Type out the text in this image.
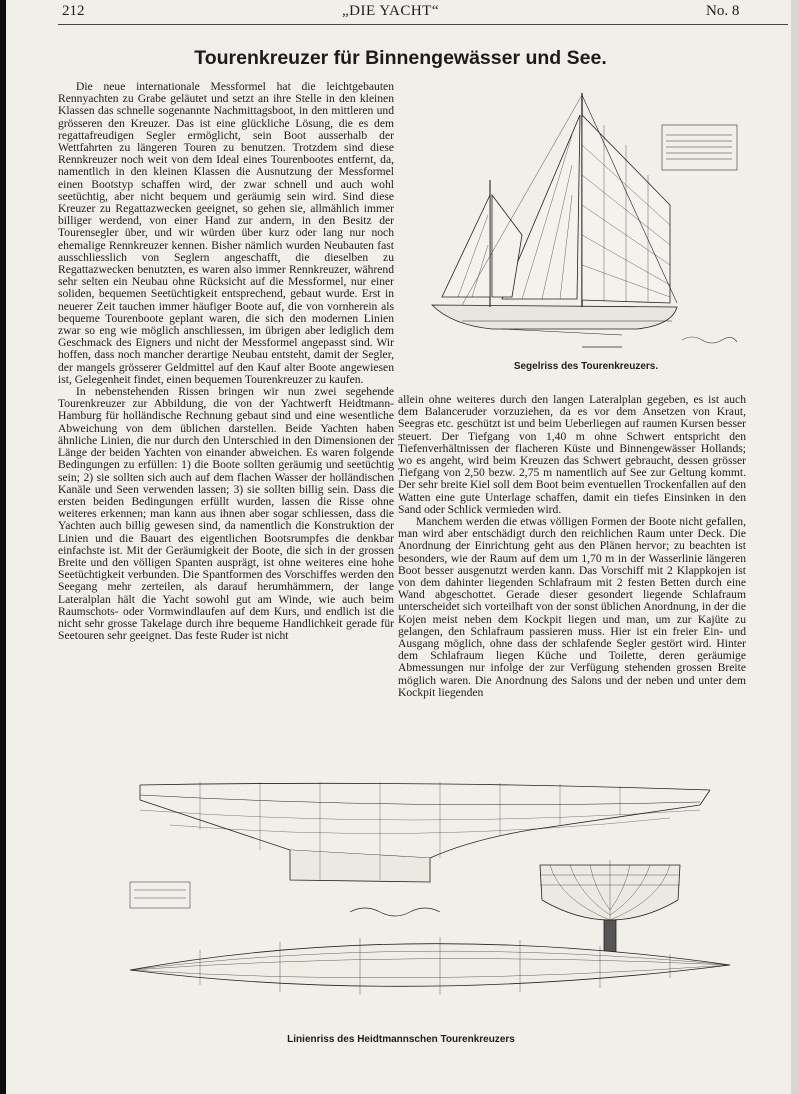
212	„DIE YACHT“	No. 8
Tourenkreuzer für Binnengewässer und See.

Die neue internationale Messformel hat die leichtgebauten Rennyachten zu Grabe geläutet und setzt an ihre Stelle in den kleinen Klassen das schnelle sogenannte Nachmittagsboot, in den mittleren und grösseren den Kreuzer. Das ist eine glückliche Lösung, die es dem regattafreudigen Segler ermöglicht, sein Boot ausserhalb der Wettfahrten zu längeren Touren zu benutzen. Trotzdem sind diese Rennkreuzer noch weit von dem Ideal eines Tourenbootes entfernt, da, namentlich in den kleinen Klassen die Ausnutzung der Messformel einen Bootstyp schaffen wird, der zwar schnell und auch wohl seetüchtig, aber nicht bequem und geräumig sein wird. Sind diese Kreuzer zu Regattazwecken geeignet, so gehen sie, allmählich immer billiger werdend, von einer Hand zur andern, in den Besitz der Tourensegler über, und wir würden über kurz oder lang nur noch ehemalige Rennkreuzer kennen. Bisher nämlich wurden Neubauten fast ausschliesslich von Seglern angeschafft, die dieselben zu Regattazwecken benutzten, es waren also immer Rennkreuzer, während sehr selten ein Neubau ohne Rücksicht auf die Messformel, nur einer soliden, bequemen Seetüchtigkeit entsprechend, gebaut wurde. Erst in neuerer Zeit tauchen immer häufiger Boote auf, die von vornherein als bequeme Tourenboote geplant waren, die sich den modernen Linien zwar so eng wie möglich anschliessen, im übrigen aber lediglich dem Geschmack des Eigners und nicht der Messformel angepasst sind. Wir hoffen, dass noch mancher derartige Neubau entsteht, damit der Segler, der mangels grösserer Geldmittel auf den Kauf alter Boote angewiesen ist, Gelegenheit findet, einen bequemen Tourenkreuzer zu kaufen.

In nebenstehenden Rissen bringen wir nun zwei segehende Tourenkreuzer zur Abbildung, die von der Yachtwerft Heidtmann-Hamburg für holländische Rechnung gebaut sind und eine wesentliche Abweichung von dem üblichen darstellen. Beide Yachten haben ähnliche Linien, die nur durch den Unterschied in den Dimensionen der Länge der beiden Yachten von einander abweichen. Es waren folgende Bedingungen zu erfüllen: 1) die Boote sollten geräumig und seetüchtig sein; 2) sie sollten sich auch auf dem flachen Wasser der holländischen Kanäle und Seen verwenden lassen; 3) sie sollten billig sein. Dass die ersten beiden Bedingungen erfüllt wurden, lassen die Risse ohne weiteres erkennen; man kann aus ihnen aber sogar schliessen, dass die Yachten auch billig gewesen sind, da namentlich die Konstruktion der Linien und die Bauart des eigentlichen Bootsrumpfes die denkbar einfachste ist. Mit der Geräumigkeit der Boote, die sich in der grossen Breite und den völligen Spanten ausprägt, ist ohne weiteres eine hohe Seetüchtigkeit verbunden. Die Spantformen des Vorschiffes werden den Seegang mehr zerteilen, als darauf herumhämmern, der lange Lateralplan hält die Yacht sowohl gut am Winde, wie auch beim Raumschots- oder Vormwindlaufen auf dem Kurs, und endlich ist die nicht sehr grosse Takelage durch ihre bequeme Handlichkeit gerade für Seetouren sehr geeignet. Das feste Ruder ist nicht

Segelriss des Tourenkreuzers.

allein ohne weiteres durch den langen Lateralplan gegeben, es ist auch dem Balanceruder vorzuziehen, da es vor dem Ansetzen von Kraut, Seegras etc. geschützt ist und beim Ueberliegen auf raumen Kursen besser steuert. Der Tiefgang von 1,40 m ohne Schwert entspricht den Tiefenverhältnissen der flacheren Küste und Binnengewässer Hollands; wo es angeht, wird beim Kreuzen das Schwert gebraucht, dessen grösser Tiefgang von 2,50 bezw. 2,75 m namentlich auf See zur Geltung kommt. Der sehr breite Kiel soll dem Boot beim eventuellen Trockenfallen auf den Watten eine gute Unterlage schaffen, damit ein tiefes Einsinken in den Sand oder Schlick vermieden wird.

Manchem werden die etwas völligen Formen der Boote nicht gefallen, man wird aber entschädigt durch den reichlichen Raum unter Deck. Die Anordnung der Einrichtung geht aus den Plänen hervor; zu beachten ist besonders, wie der Raum auf dem um 1,70 m in der Wasserlinie längeren Boot besser ausgenutzt werden kann. Das Vorschiff mit 2 Klappkojen ist von dem dahinter liegenden Schlafraum mit 2 festen Betten durch eine Wand abgeschottet. Gerade dieser gesondert liegende Schlafraum unterscheidet sich vorteilhaft von der sonst üblichen Anordnung, in der die Kojen meist neben dem Kockpit liegen und man, um zur Kajüte zu gelangen, den Schlafraum passieren muss. Hier ist ein freier Ein- und Ausgang möglich, ohne dass der schlafende Segler gestört wird. Hinter dem Schlafraum liegen Küche und Toilette, deren geräumige Abmessungen nur infolge der zur Verfügung stehenden grossen Breite möglich waren. Die Anordnung des Salons und der neben und unter dem Kockpit liegenden

Linienriss des Heidtmannschen Tourenkreuzers
